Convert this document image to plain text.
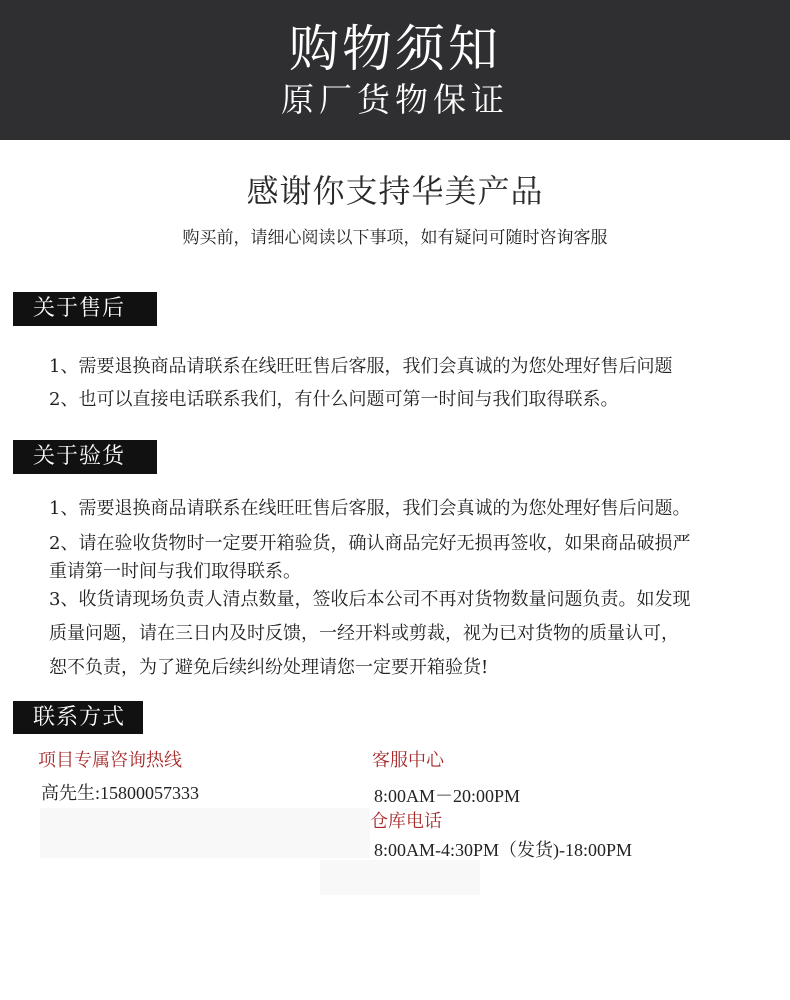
购物须知
原厂货物保证
感谢你支持华美产品
购买前，请细心阅读以下事项，如有疑问可随时咨询客服
关于售后
1、需要退换商品请联系在线旺旺售后客服，我们会真诚的为您处理好售后问题
2、也可以直接电话联系我们，有什么问题可第一时间与我们取得联系。
关于验货
1、需要退换商品请联系在线旺旺售后客服，我们会真诚的为您处理好售后问题。
2、请在验收货物时一定要开箱验货，确认商品完好无损再签收，如果商品破损严
重请第一时间与我们取得联系。
3、收货请现场负责人清点数量，签收后本公司不再对货物数量问题负责。如发现
质量问题，请在三日内及时反馈，一经开料或剪裁，视为已对货物的质量认可，
恕不负责，为了避免后续纠纷处理请您一定要开箱验货!
联系方式
项目专属咨询热线
高先生:15800057333
客服中心
8:00AM－20:00PM
仓库电话
8:00AM-4:30PM（发货)-18:00PM
